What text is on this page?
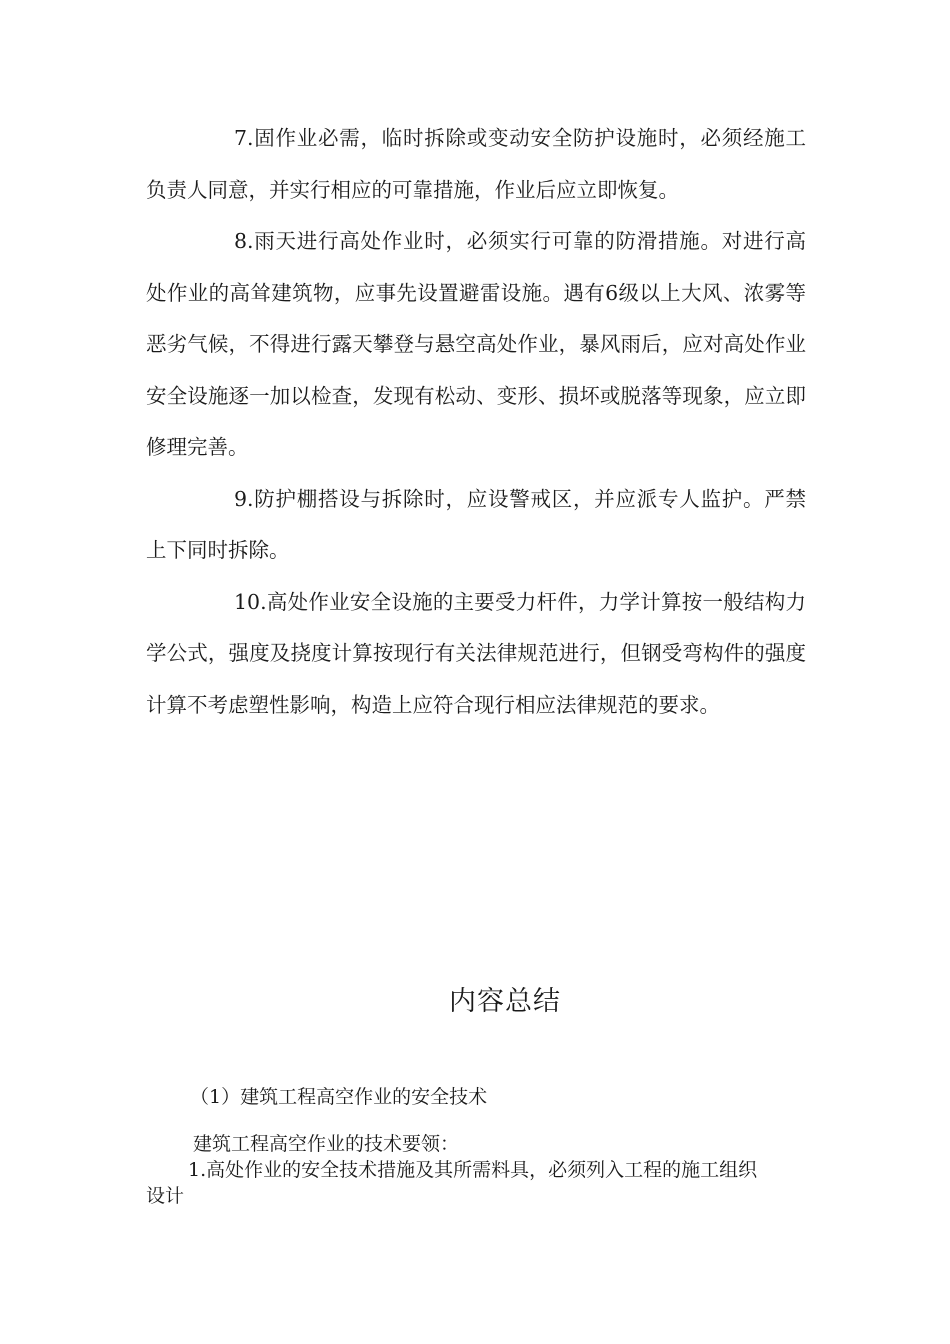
7.固作业必需，临时拆除或变动安全防护设施时，必须经施工负责人同意，并实行相应的可靠措施，作业后应立即恢复。

8.雨天进行高处作业时，必须实行可靠的防滑措施。对进行高处作业的高耸建筑物，应事先设置避雷设施。遇有6级以上大风、浓雾等恶劣气候，不得进行露天攀登与悬空高处作业，暴风雨后，应对高处作业安全设施逐一加以检查，发现有松动、变形、损坏或脱落等现象，应立即修理完善。

9.防护棚搭设与拆除时，应设警戒区，并应派专人监护。严禁上下同时拆除。

10.高处作业安全设施的主要受力杆件，力学计算按一般结构力学公式，强度及挠度计算按现行有关法律规范进行，但钢受弯构件的强度计算不考虑塑性影响，构造上应符合现行相应法律规范的要求。

内容总结
（1）建筑工程高空作业的安全技术
建筑工程高空作业的技术要领：
1.高处作业的安全技术措施及其所需料具，必须列入工程的施工组织
设计
